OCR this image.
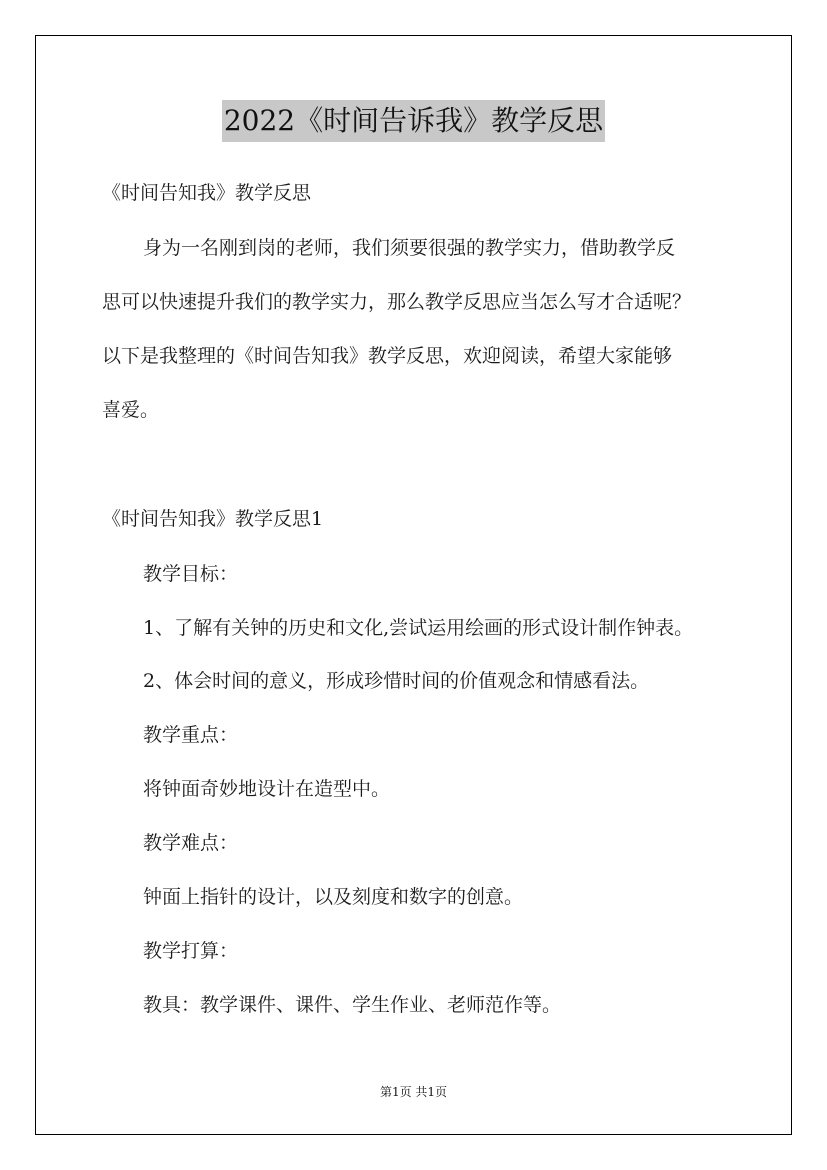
2022《时间告诉我》教学反思
《时间告知我》教学反思
身为一名刚到岗的老师，我们须要很强的教学实力，借助教学反
思可以快速提升我们的教学实力，那么教学反思应当怎么写才合适呢？
以下是我整理的《时间告知我》教学反思，欢迎阅读，希望大家能够
喜爱。
《时间告知我》教学反思1
教学目标：
1、了解有关钟的历史和文化,尝试运用绘画的形式设计制作钟表。
2、体会时间的意义，形成珍惜时间的价值观念和情感看法。
教学重点：
将钟面奇妙地设计在造型中。
教学难点：
钟面上指针的设计，以及刻度和数字的创意。
教学打算：
教具：教学课件、课件、学生作业、老师范作等。
第1页 共1页
